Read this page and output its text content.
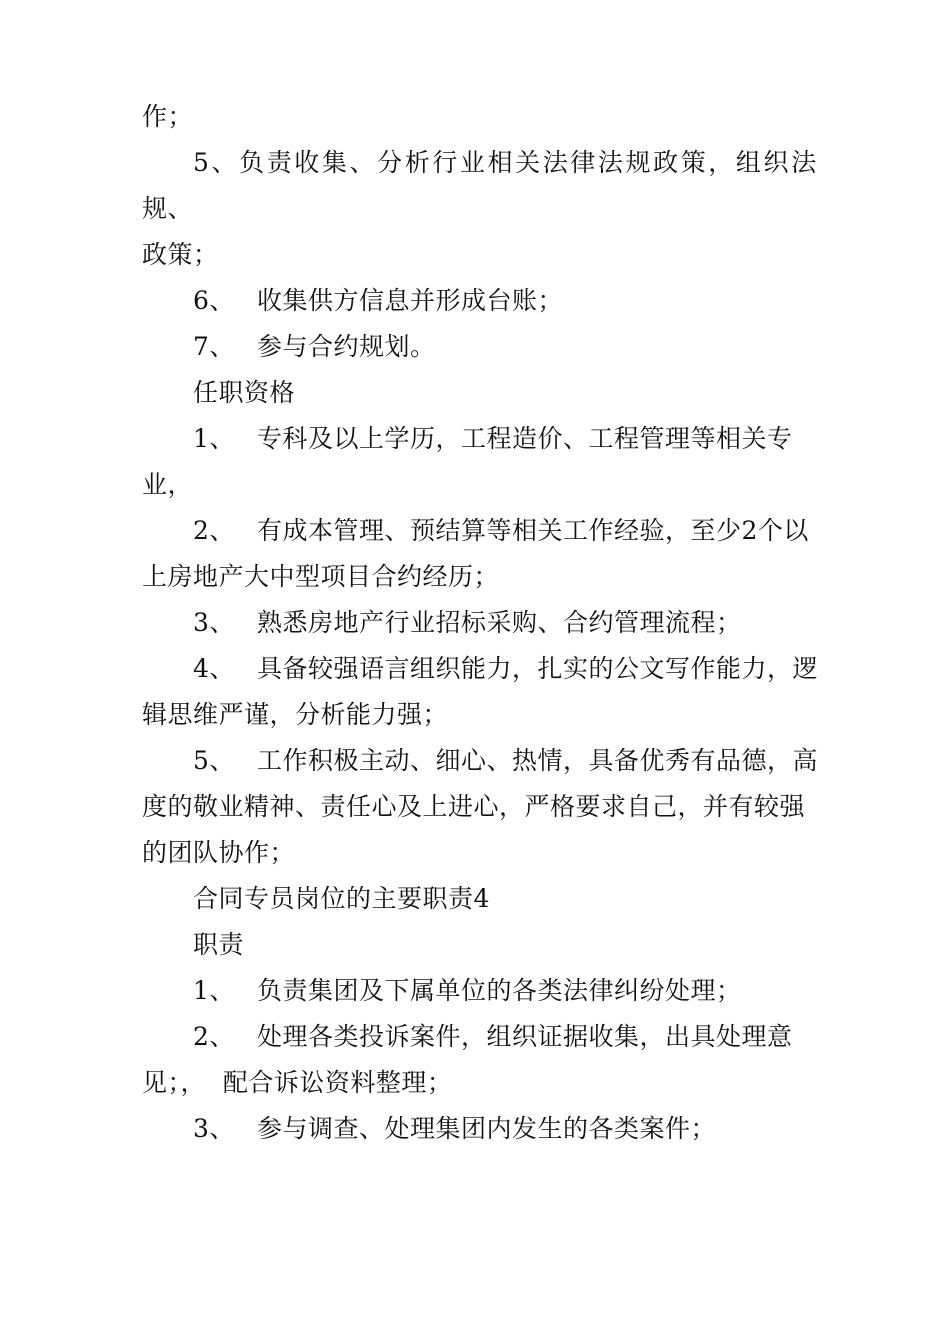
作；
5、负责收集、分析行业相关法律法规政策，组织法
规、
政策；
6、 收集供方信息并形成台账；
7、 参与合约规划。
任职资格
1、 专科及以上学历，工程造价、工程管理等相关专
业，
2、 有成本管理、预结算等相关工作经验，至少2个以
上房地产大中型项目合约经历；
3、 熟悉房地产行业招标采购、合约管理流程；
4、 具备较强语言组织能力，扎实的公文写作能力，逻
辑思维严谨，分析能力强；
5、 工作积极主动、细心、热情，具备优秀有品德，高
度的敬业精神、责任心及上进心，严格要求自己，并有较强
的团队协作；
合同专员岗位的主要职责4
职责
1、 负责集团及下属单位的各类法律纠纷处理；
2、 处理各类投诉案件，组织证据收集，出具处理意
见；，  配合诉讼资料整理；
3、 参与调查、处理集团内发生的各类案件；
